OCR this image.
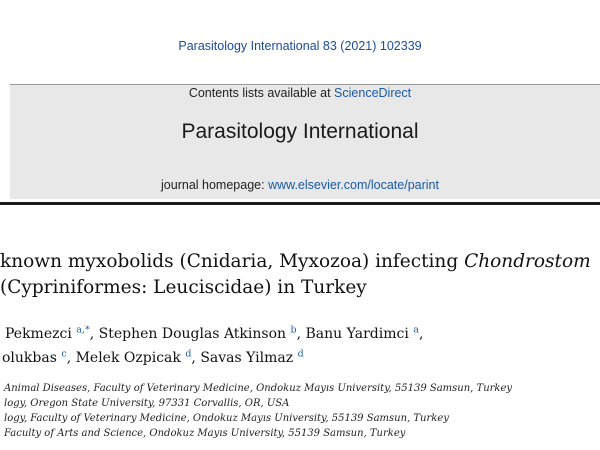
Parasitology International 83 (2021) 102339
Contents lists available at ScienceDirect
Parasitology International
journal homepage: www.elsevier.com/locate/parint
known myxobolids (Cnidaria, Myxozoa) infecting Chondrostom
(Cypriniformes: Leuciscidae) in Turkey
Pekmezci $^{a,*}$, Stephen Douglas Atkinson $^b$, Banu Yardimci $^a$,
olukbas $^c$, Melek Ozpicak $^d$, Savas Yilmaz $^d$
Animal Diseases, Faculty of Veterinary Medicine, Ondokuz Mayıs University, 55139 Samsun, Turkey
logy, Oregon State University, 97331 Corvallis, OR, USA
logy, Faculty of Veterinary Medicine, Ondokuz Mayıs University, 55139 Samsun, Turkey
Faculty of Arts and Science, Ondokuz Mayıs University, 55139 Samsun, Turkey
